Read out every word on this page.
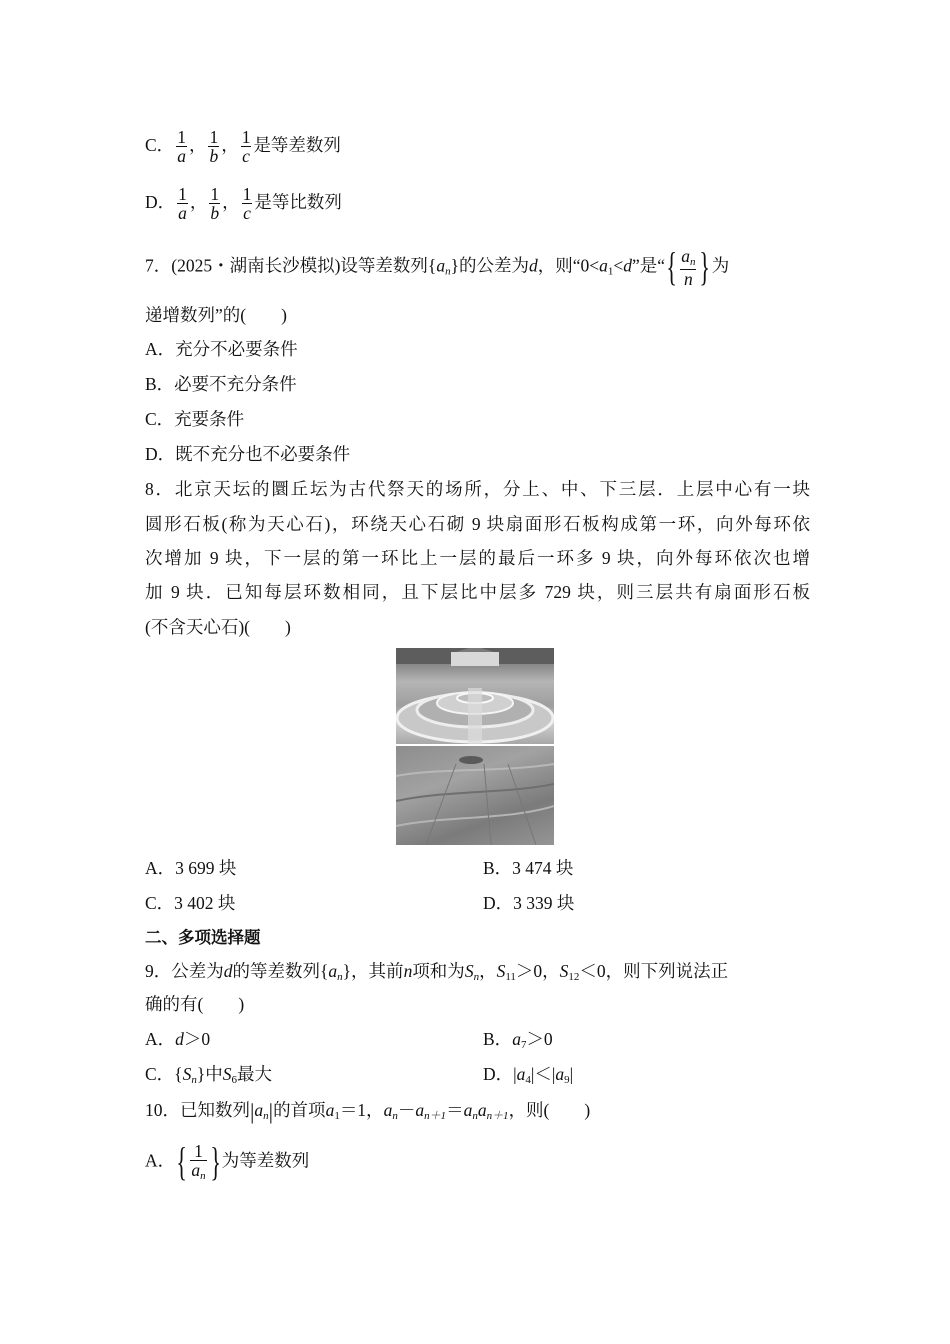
C． $\frac{1}{a}$ ， $\frac{1}{b}$ ， $\frac{1}{c}$ 是等差数列
D． $\frac{1}{a}$ ， $\frac{1}{b}$ ， $\frac{1}{c}$ 是等比数列
7．(2025・湖南长沙模拟)设等差数列$\{a_n\}$的公差为d，则“$0<a_1<d$”是“{ $\frac{a_n}{n}$ }为
递增数列”的(　　)
A．充分不必要条件
B．必要不充分条件
C．充要条件
D．既不充分也不必要条件
8．北京天坛的圜丘坛为古代祭天的场所，分上、中、下三层．上层中心有一块
圆形石板(称为天心石)，环绕天心石砌 9 块扇面形石板构成第一环，向外每环依
次增加 9 块，下一层的第一环比上一层的最后一环多 9 块，向外每环依次也增
加 9 块．已知每层环数相同，且下层比中层多 729 块，则三层共有扇面形石板
(不含天心石)(　　)
A．3 699 块	B．3 474 块
C．3 402 块	D．3 339 块
二、多项选择题
9．公差为d的等差数列$\{a_n\}$，其前n项和为$S_n$，$S_{11}>0$，$S_{12}<0$，则下列说法正
确的有(　　)
A．d＞0	B．$a_7>0$
C．$\{S_n\}$中$S_6$最大	D．$|a_4|<|a_9|$
10．已知数列$|a_n|$的首项$a_1=1$，$a_n-a_{n+1}=a_na_{n+1}$，则(　　)
A．{ $\frac{1}{a_n}$ }为等差数列
